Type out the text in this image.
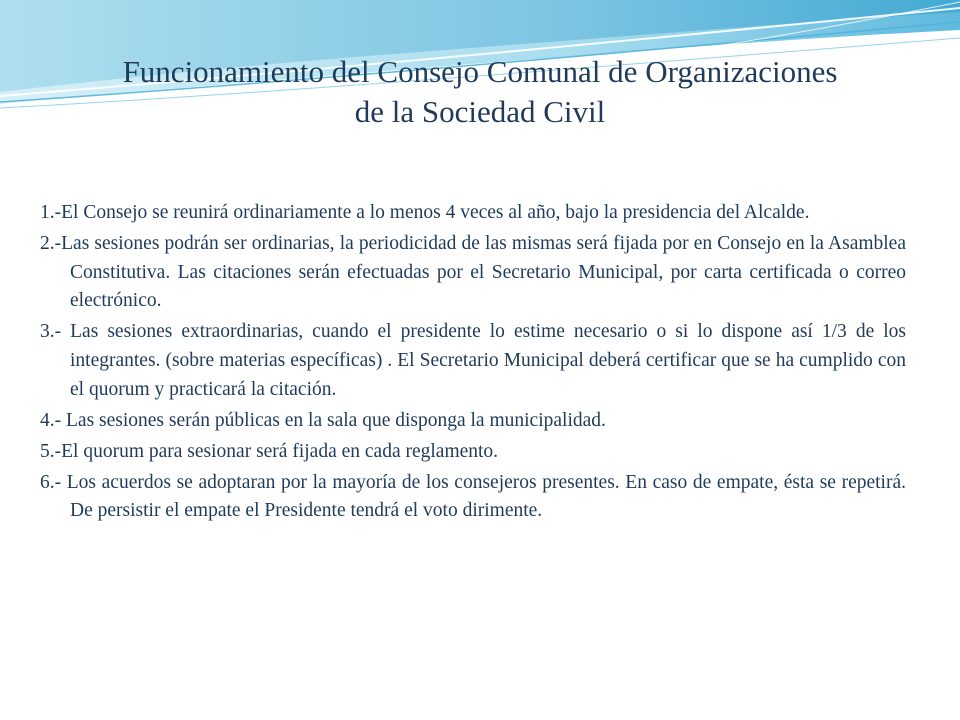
Funcionamiento del Consejo Comunal de Organizaciones
de la Sociedad Civil

1.-El Consejo se reunirá ordinariamente a lo menos 4 veces al año, bajo la presidencia del Alcalde.

2.-Las sesiones podrán ser ordinarias, la periodicidad de las mismas será fijada por en Consejo en la Asamblea Constitutiva. Las citaciones serán efectuadas por el Secretario Municipal, por carta certificada o correo electrónico.

3.- Las sesiones extraordinarias, cuando el presidente lo estime necesario o si lo dispone así 1/3 de los integrantes. (sobre materias específicas) . El Secretario Municipal deberá certificar que se ha cumplido con el quorum y practicará la citación.

4.- Las sesiones serán públicas en la sala que disponga la municipalidad.

5.-El quorum para sesionar será fijada en cada reglamento.

6.- Los acuerdos se adoptaran por la mayoría de los consejeros presentes. En caso de empate, ésta se repetirá. De persistir el empate el Presidente tendrá el voto dirimente.
